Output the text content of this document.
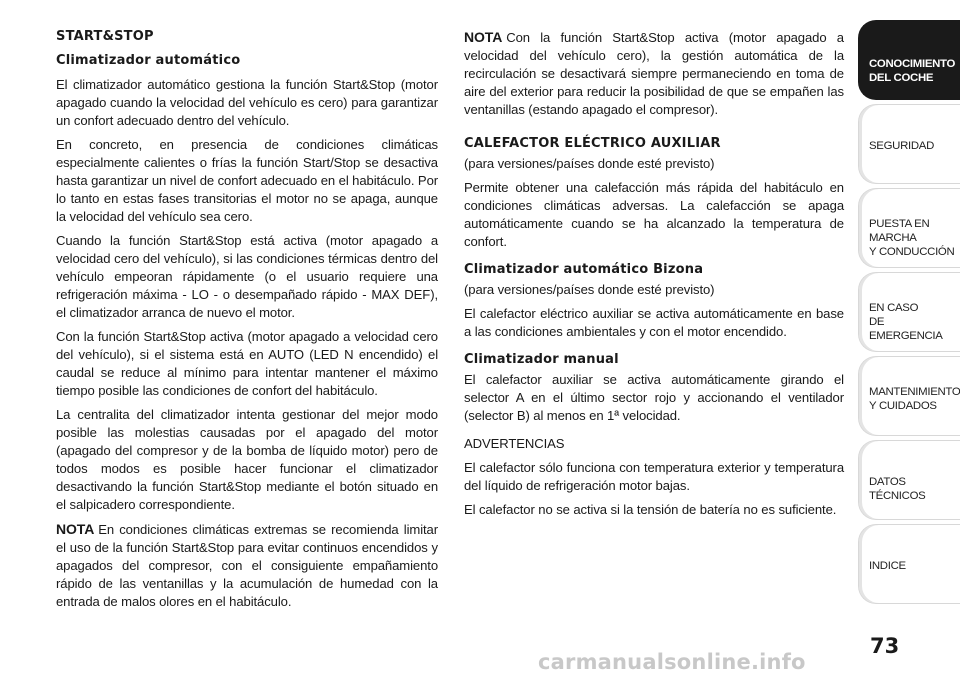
START&STOP
Climatizador automático

El climatizador automático gestiona la función Start&Stop (motor apagado cuando la velocidad del vehículo es cero) para garantizar un confort adecuado dentro del vehículo.

En concreto, en presencia de condiciones climáticas especialmente calientes o frías la función Start/Stop se desactiva hasta garantizar un nivel de confort adecuado en el habitáculo. Por lo tanto en estas fases transitorias el motor no se apaga, aunque la velocidad del vehículo sea cero.

Cuando la función Start&Stop está activa (motor apagado a velocidad cero del vehículo), si las condiciones térmicas dentro del vehículo empeoran rápidamente (o el usuario requiere una refrigeración máxima - LO - o desempañado rápido - MAX DEF), el climatizador arranca de nuevo el motor.

Con la función Start&Stop activa (motor apagado a velocidad cero del vehículo), si el sistema está en AUTO (LED N encendido) el caudal se reduce al mínimo para intentar mantener el máximo tiempo posible las condiciones de confort del habitáculo.

La centralita del climatizador intenta gestionar del mejor modo posible las molestias causadas por el apagado del motor (apagado del compresor y de la bomba de líquido motor) pero de todos modos es posible hacer funcionar el climatizador desactivando la función Start&Stop mediante el botón situado en el salpicadero correspondiente.

NOTA En condiciones climáticas extremas se recomienda limitar el uso de la función Start&Stop para evitar continuos encendidos y apagados del compresor, con el consiguiente empañamiento rápido de las ventanillas y la acumulación de humedad con la entrada de malos olores en el habitáculo.

NOTA Con la función Start&Stop activa (motor apagado a velocidad del vehículo cero), la gestión automática de la recirculación se desactivará siempre permaneciendo en toma de aire del exterior para reducir la posibilidad de que se empañen las ventanillas (estando apagado el compresor).

CALEFACTOR ELÉCTRICO AUXILIAR

(para versiones/países donde esté previsto)

Permite obtener una calefacción más rápida del habitáculo en condiciones climáticas adversas. La calefacción se apaga automáticamente cuando se ha alcanzado la temperatura de confort.

Climatizador automático Bizona

(para versiones/países donde esté previsto)

El calefactor eléctrico auxiliar se activa automáticamente en base a las condiciones ambientales y con el motor encendido.

Climatizador manual

El calefactor auxiliar se activa automáticamente girando el selector A en el último sector rojo y accionando el ventilador (selector B) al menos en 1ª velocidad.

ADVERTENCIAS

El calefactor sólo funciona con temperatura exterior y temperatura del líquido de refrigeración motor bajas.

El calefactor no se activa si la tensión de batería no es suficiente.

CONOCIMIENTO
DEL COCHE
SEGURIDAD
PUESTA EN MARCHA
Y CONDUCCIÓN
EN CASO
DE EMERGENCIA
MANTENIMIENTO
Y CUIDADOS
DATOS TÉCNICOS
INDICE
73
carmanualsonline.info
